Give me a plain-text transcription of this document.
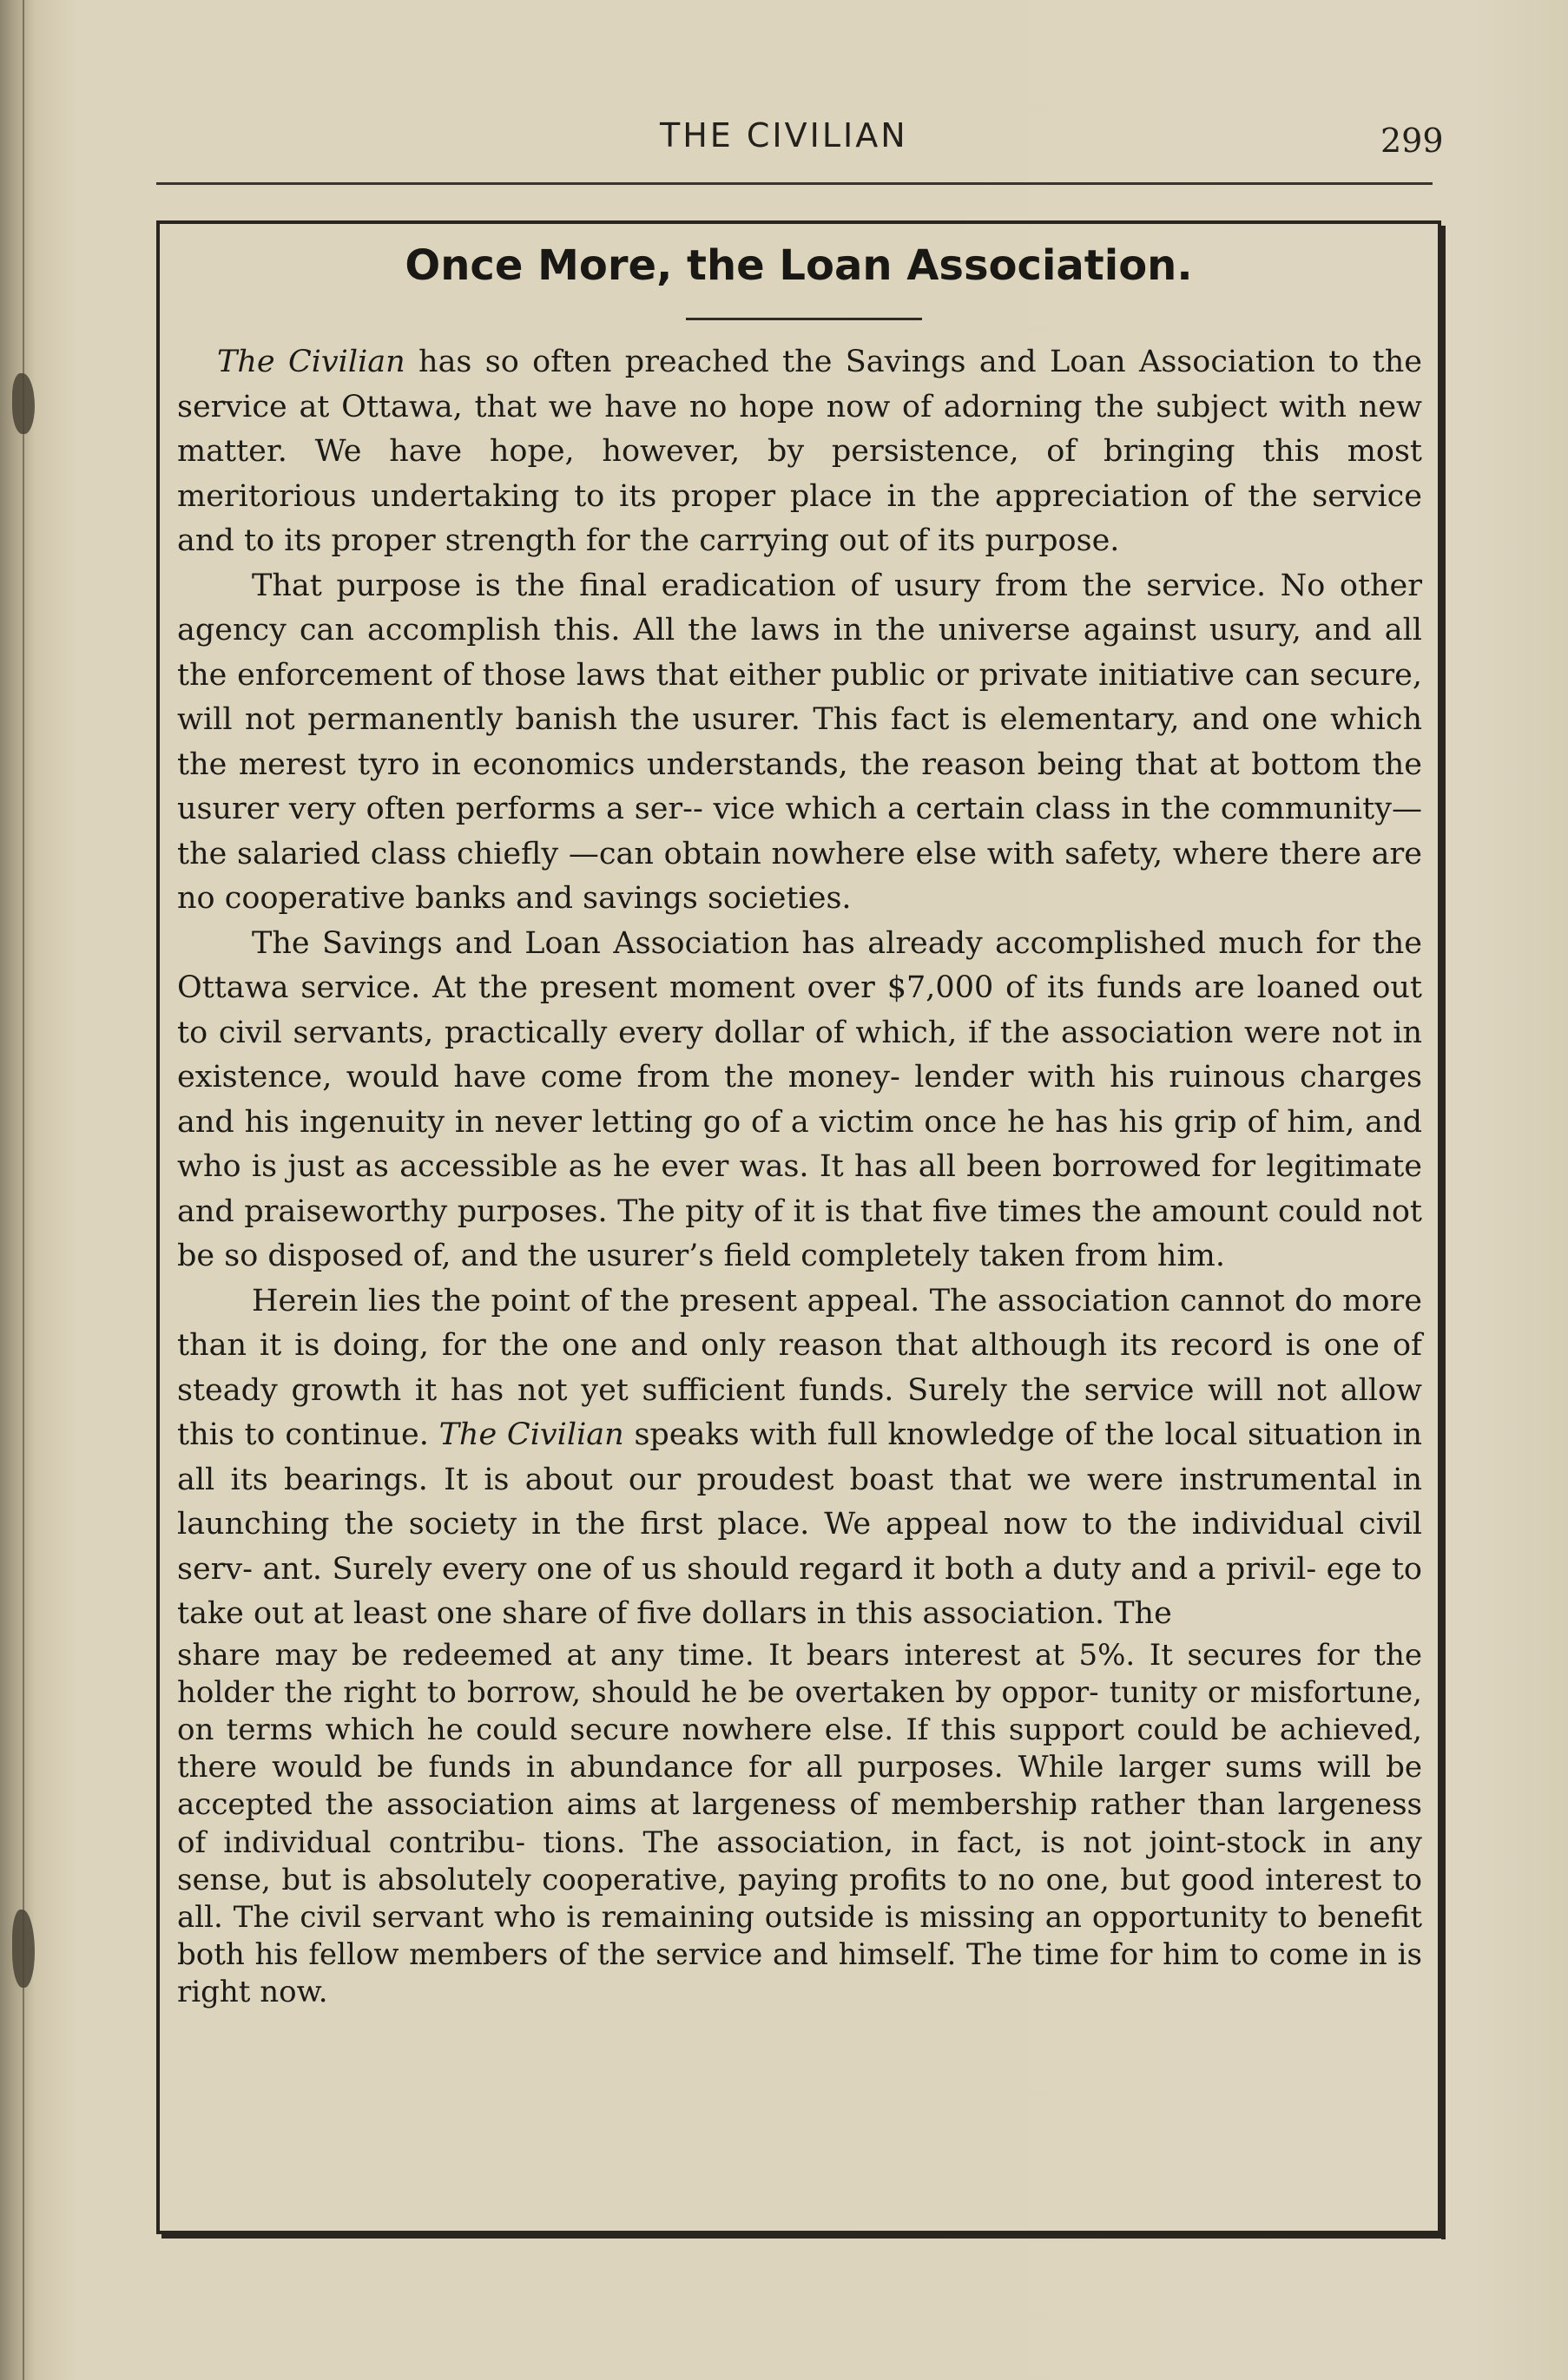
THE CIVILIAN	299
Once More, the Loan Association.

The Civilian has so often preached the Savings and Loan Association to the service at Ottawa, that we have no hope now of adorning the subject with new matter. We have hope, however, by persistence, of bringing this most meritorious undertaking to its proper place in the appreciation of the service and to its proper strength for the carrying out of its purpose.

That purpose is the final eradication of usury from the service. No other agency can accomplish this. All the laws in the universe against usury, and all the enforcement of those laws that either public or private initiative can secure, will not permanently banish the usurer. This fact is elementary, and one which the merest tyro in economics understands, the reason being that at bottom the usurer very often performs a ser-- vice which a certain class in the community—the salaried class chiefly —can obtain nowhere else with safety, where there are no cooperative banks and savings societies.

The Savings and Loan Association has already accomplished much for the Ottawa service. At the present moment over $7,000 of its funds are loaned out to civil servants, practically every dollar of which, if the association were not in existence, would have come from the money- lender with his ruinous charges and his ingenuity in never letting go of a victim once he has his grip of him, and who is just as accessible as he ever was. It has all been borrowed for legitimate and praiseworthy purposes. The pity of it is that five times the amount could not be so disposed of, and the usurer’s field completely taken from him.

Herein lies the point of the present appeal. The association cannot do more than it is doing, for the one and only reason that although its record is one of steady growth it has not yet sufficient funds. Surely the service will not allow this to continue. The Civilian speaks with full knowledge of the local situation in all its bearings. It is about our proudest boast that we were instrumental in launching the society in the first place. We appeal now to the individual civil serv- ant. Surely every one of us should regard it both a duty and a privil- ege to take out at least one share of five dollars in this association. The

share may be redeemed at any time. It bears interest at 5%. It secures for the holder the right to borrow, should he be overtaken by oppor- tunity or misfortune, on terms which he could secure nowhere else. If this support could be achieved, there would be funds in abundance for all purposes. While larger sums will be accepted the association aims at largeness of membership rather than largeness of individual contribu- tions. The association, in fact, is not joint-stock in any sense, but is absolutely cooperative, paying profits to no one, but good interest to all. The civil servant who is remaining outside is missing an opportunity to benefit both his fellow members of the service and himself. The time for him to come in is right now.
